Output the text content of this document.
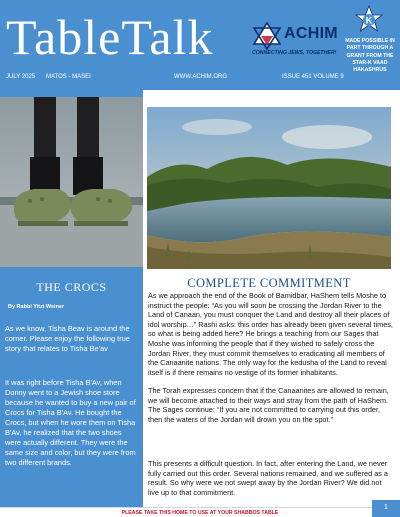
TableTalk	ACHIM
CONNECTING JEWS, TOGETHER!
K
MADE POSSIBLE IN
PART THROUGH A
GRANT FROM THE
STAR-K VAAD
HAKASHRUS
JULY 2025 MATOS - MASEI	WWW.ACHIM.ORG	ISSUE 451 VOLUME 9
THE CROCS
By Rabbi Yitzi Weiner
As we know, Tisha Beav is around the corner. Please enjoy the following true story that relates to Tisha Be'av
It was right before Tisha B'Av, when Donny went to a Jewish shoe store because he wanted to buy a new pair of Crocs for Tisha B'Av. He bought the Crocs, but when he wore them on Tisha B'Av, he realized that the two shoes were actually different. They were the same size and color, but they were from two different brands.
COMPLETE COMMITMENT
As we approach the end of the Book of Bamidbar, HaShem tells Moshe to instruct the people: “As you will soon be crossing the Jordan River to the Land of Canaan, you must conquer the Land and destroy all their places of idol worship…” Rashi asks: this order has already been given several times, so what is being added here? He brings a teaching from our Sages that Moshe was informing the people that if they wished to safely cross the Jordan River, they must commit themselves to eradicating all members of the Canaanite nations. The only way for the kedusha of the Land to reveal itself is if there remains no vestige of its former inhabitants.
The Torah expresses concern that if the Canaanites are allowed to remain, we will become attached to their ways and stray from the path of HaShem. The Sages continue: “If you are not committed to carrying out this order, then the waters of the Jordan will drown you on the spot.”
This presents a difficult question. In fact, after entering the Land, we never fully carried out this order. Several nations remained, and we suffered as a result. So why were we not swept away by the Jordan River? We did not live up to that commitment.
PLEASE TAKE THIS HOME TO USE AT YOUR SHABBOS TABLE
1
